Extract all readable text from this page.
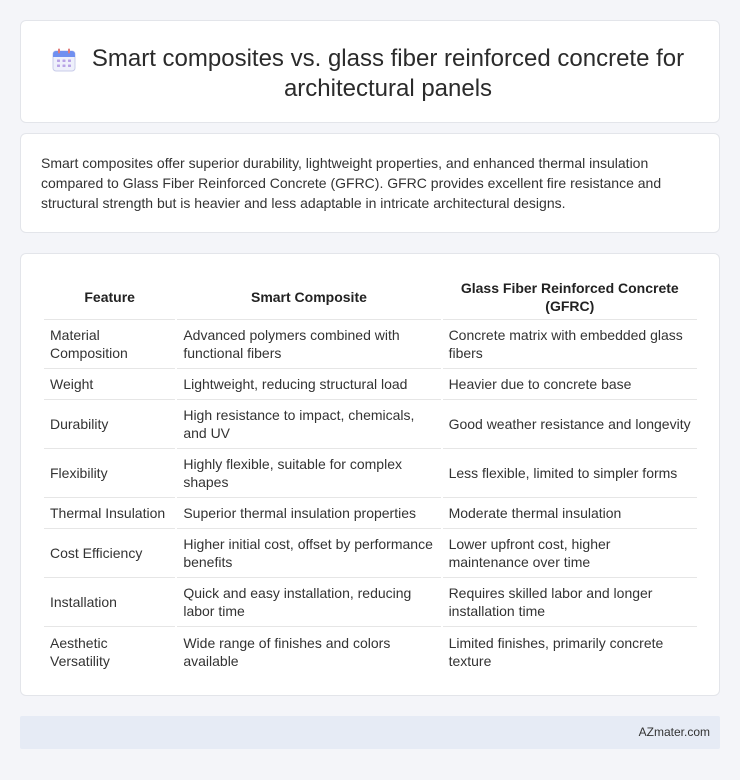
Smart composites vs. glass fiber reinforced concrete for architectural panels

Smart composites offer superior durability, lightweight properties, and enhanced thermal insulation compared to Glass Fiber Reinforced Concrete (GFRC). GFRC provides excellent fire resistance and structural strength but is heavier and less adaptable in intricate architectural designs.

Feature	Smart Composite	Glass Fiber Reinforced Concrete (GFRC)
Material Composition	Advanced polymers combined with functional fibers	Concrete matrix with embedded glass fibers
Weight	Lightweight, reducing structural load	Heavier due to concrete base
Durability	High resistance to impact, chemicals, and UV	Good weather resistance and longevity
Flexibility	Highly flexible, suitable for complex shapes	Less flexible, limited to simpler forms
Thermal Insulation	Superior thermal insulation properties	Moderate thermal insulation
Cost Efficiency	Higher initial cost, offset by performance benefits	Lower upfront cost, higher maintenance over time
Installation	Quick and easy installation, reducing labor time	Requires skilled labor and longer installation time
Aesthetic Versatility	Wide range of finishes and colors available	Limited finishes, primarily concrete texture
AZmater.com
